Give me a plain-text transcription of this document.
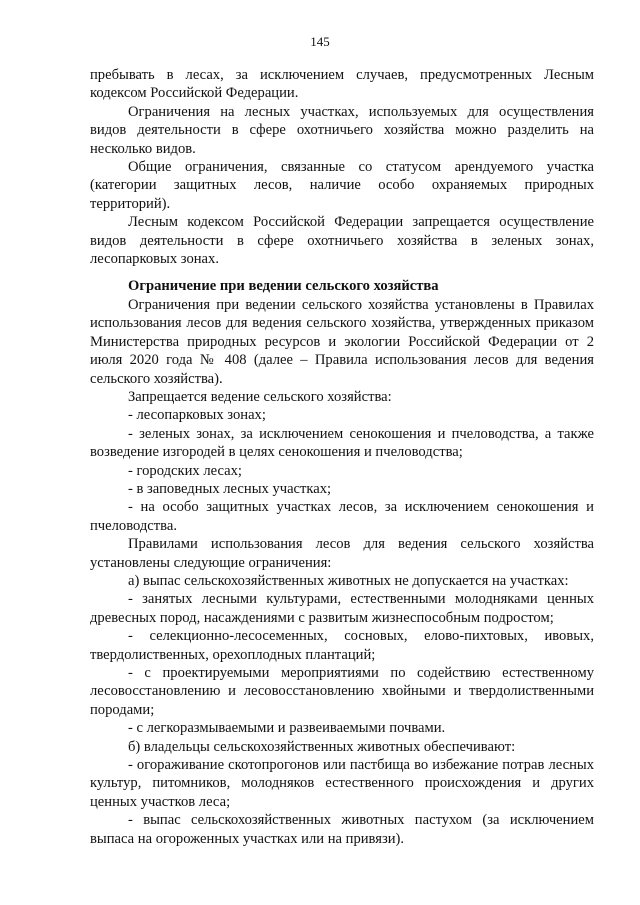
145

пребывать в лесах, за исключением случаев, предусмотренных Лесным кодексом Российской Федерации.

Ограничения на лесных участках, используемых для осуществления видов деятельности в сфере охотничьего хозяйства можно разделить на несколько видов.

Общие ограничения, связанные со статусом арендуемого участка (категории защитных лесов, наличие особо охраняемых природных территорий).

Лесным кодексом Российской Федерации запрещается осуществление видов деятельности в сфере охотничьего хозяйства в зеленых зонах, лесопарковых зонах.

Ограничение при ведении сельского хозяйства

Ограничения при ведении сельского хозяйства установлены в Правилах использования лесов для ведения сельского хозяйства, утвержденных приказом Министерства природных ресурсов и экологии Российской Федерации от 2 июля 2020 года № 408 (далее – Правила использования лесов для ведения сельского хозяйства).

Запрещается ведение сельского хозяйства:

- лесопарковых зонах;

- зеленых зонах, за исключением сенокошения и пчеловодства, а также возведение изгородей в целях сенокошения и пчеловодства;

- городских лесах;

- в заповедных лесных участках;

- на особо защитных участках лесов, за исключением сенокошения и пчеловодства.

Правилами использования лесов для ведения сельского хозяйства установлены следующие ограничения:

а) выпас сельскохозяйственных животных не допускается на участках:

- занятых лесными культурами, естественными молодняками ценных древесных пород, насаждениями с развитым жизнеспособным подростом;

- селекционно-лесосеменных, сосновых, елово-пихтовых, ивовых, твердолиственных, орехоплодных плантаций;

- с проектируемыми мероприятиями по содействию естественному лесовосстановлению и лесовосстановлению хвойными и твердолиственными породами;

- с легкоразмываемыми и развеиваемыми почвами.

б) владельцы сельскохозяйственных животных обеспечивают:

- огораживание скотопрогонов или пастбища во избежание потрав лесных культур, питомников, молодняков естественного происхождения и других ценных участков леса;

- выпас сельскохозяйственных животных пастухом (за исключением выпаса на огороженных участках или на привязи).
